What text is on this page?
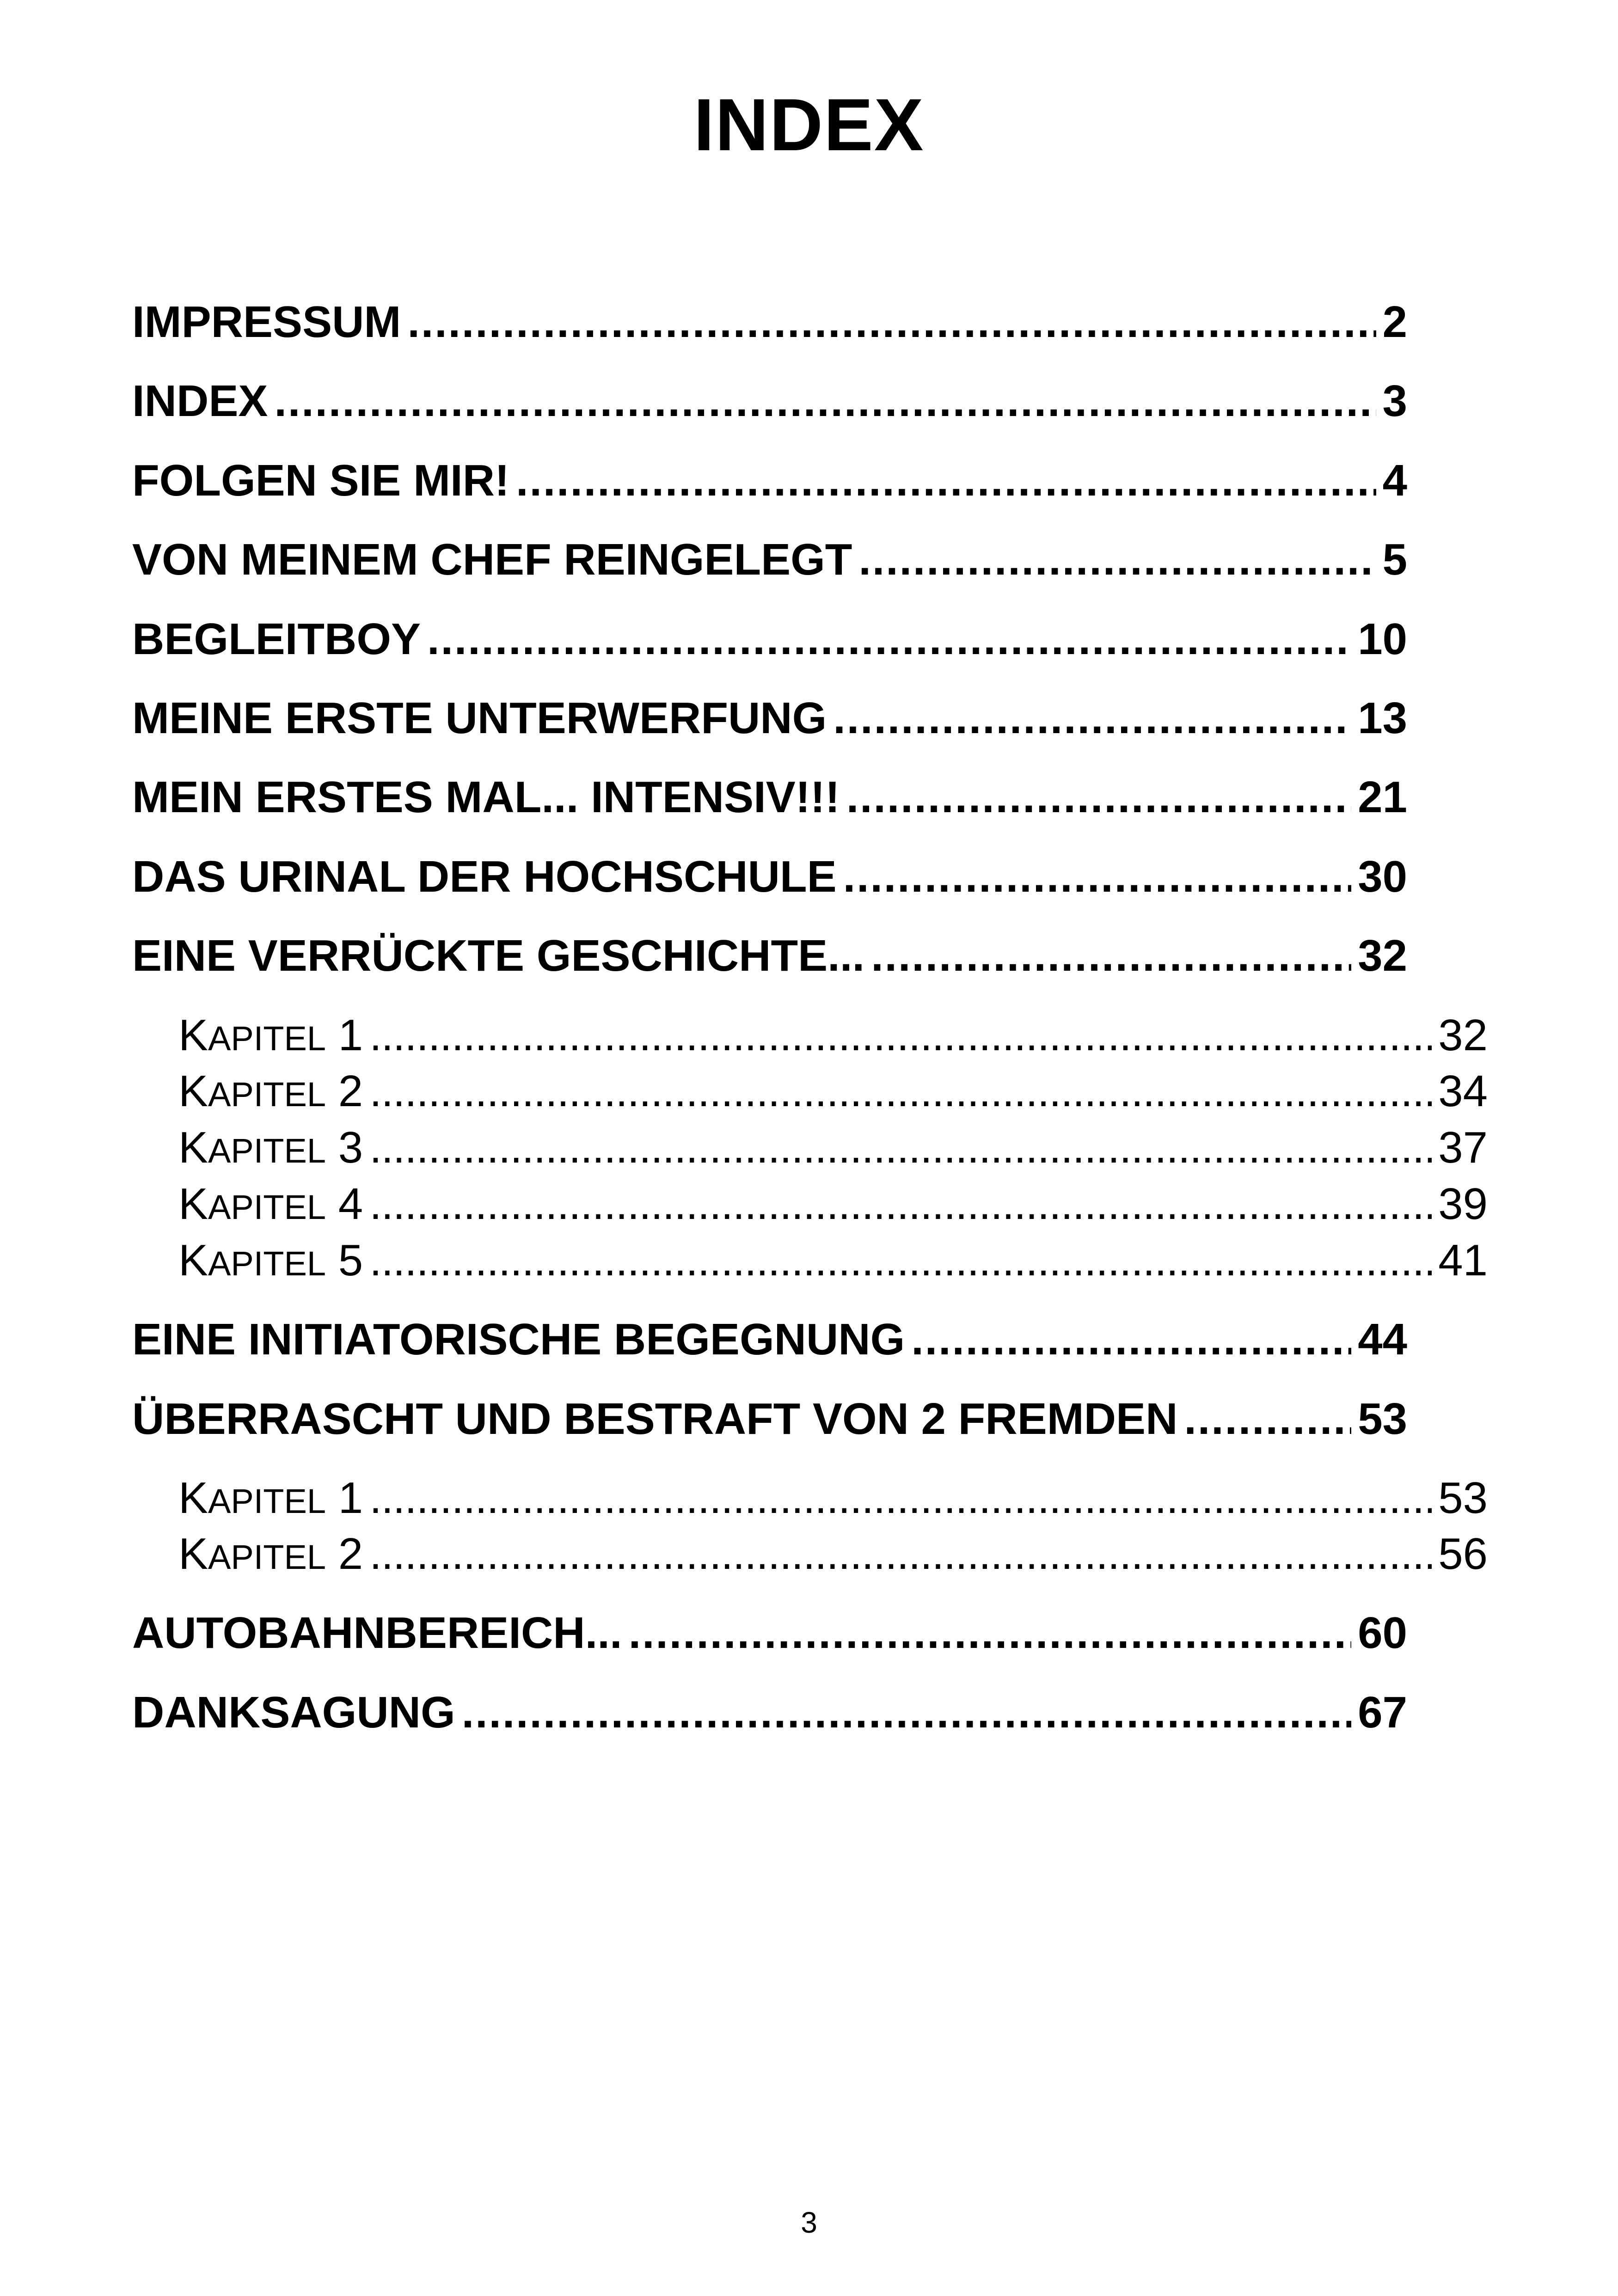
INDEX
IMPRESSUM . . .	2
INDEX . . .	3
FOLGEN SIE MIR! . . .	4
VON MEINEM CHEF REINGELEGT . . .	5
BEGLEITBOY . . .	10
MEINE ERSTE UNTERWERFUNG . . .	13
MEIN ERSTES MAL... INTENSIV!!! . . .	21
DAS URINAL DER HOCHSCHULE . . .	30
EINE VERRÜCKTE GESCHICHTE... . . .	32
KAPITEL 1 . . .	32
KAPITEL 2 . . .	34
KAPITEL 3 . . .	37
KAPITEL 4 . . .	39
KAPITEL 5 . . .	41
EINE INITIATORISCHE BEGEGNUNG . . .	44
ÜBERRASCHT UND BESTRAFT VON 2 FREMDEN . . .	53
KAPITEL 1 . . .	53
KAPITEL 2 . . .	56
AUTOBAHNBEREICH... . . .	60
DANKSAGUNG . . .	67
3
